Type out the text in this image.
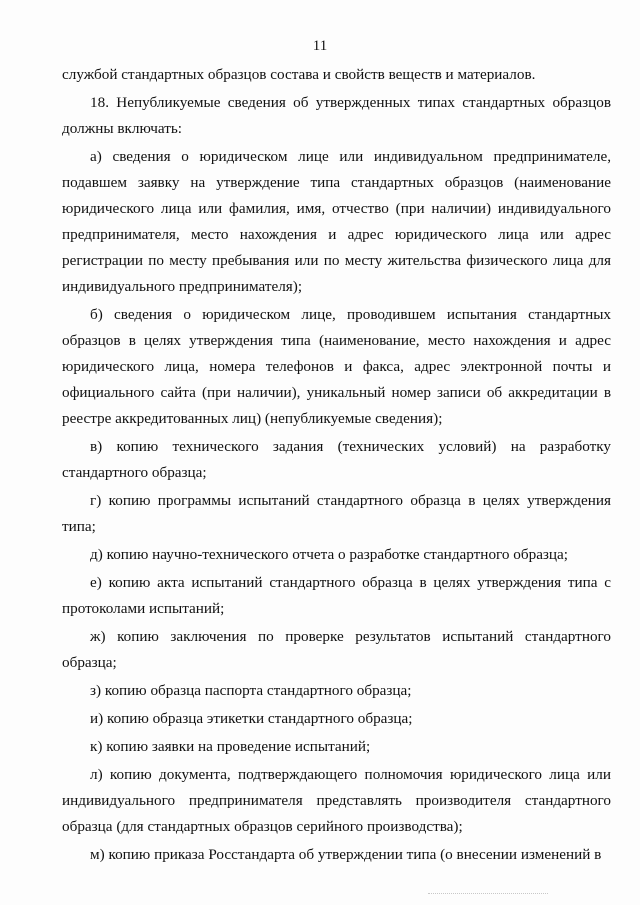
11

службой стандартных образцов состава и свойств веществ и материалов.

18. Непубликуемые сведения об утвержденных типах стандартных образцов должны включать:

а) сведения о юридическом лице или индивидуальном предпринимателе, подавшем заявку на утверждение типа стандартных образцов (наименование юридического лица или фамилия, имя, отчество (при наличии) индивидуального предпринимателя, место нахождения и адрес юридического лица или адрес регистрации по месту пребывания или по месту жительства физического лица для индивидуального предпринимателя);

б) сведения о юридическом лице, проводившем испытания стандартных образцов в целях утверждения типа (наименование, место нахождения и адрес юридического лица, номера телефонов и факса, адрес электронной почты и официального сайта (при наличии), уникальный номер записи об аккредитации в реестре аккредитованных лиц) (непубликуемые сведения);

в) копию технического задания (технических условий) на разработку стандартного образца;

г) копию программы испытаний стандартного образца в целях утверждения типа;

д) копию научно-технического отчета о разработке стандартного образца;

е) копию акта испытаний стандартного образца в целях утверждения типа с протоколами испытаний;

ж) копию заключения по проверке результатов испытаний стандартного образца;

з) копию образца паспорта стандартного образца;

и) копию образца этикетки стандартного образца;

к) копию заявки на проведение испытаний;

л) копию документа, подтверждающего полномочия юридического лица или индивидуального предпринимателя представлять производителя стандартного образца (для стандартных образцов серийного производства);

м) копию приказа Росстандарта об утверждении типа (о внесении изменений в
